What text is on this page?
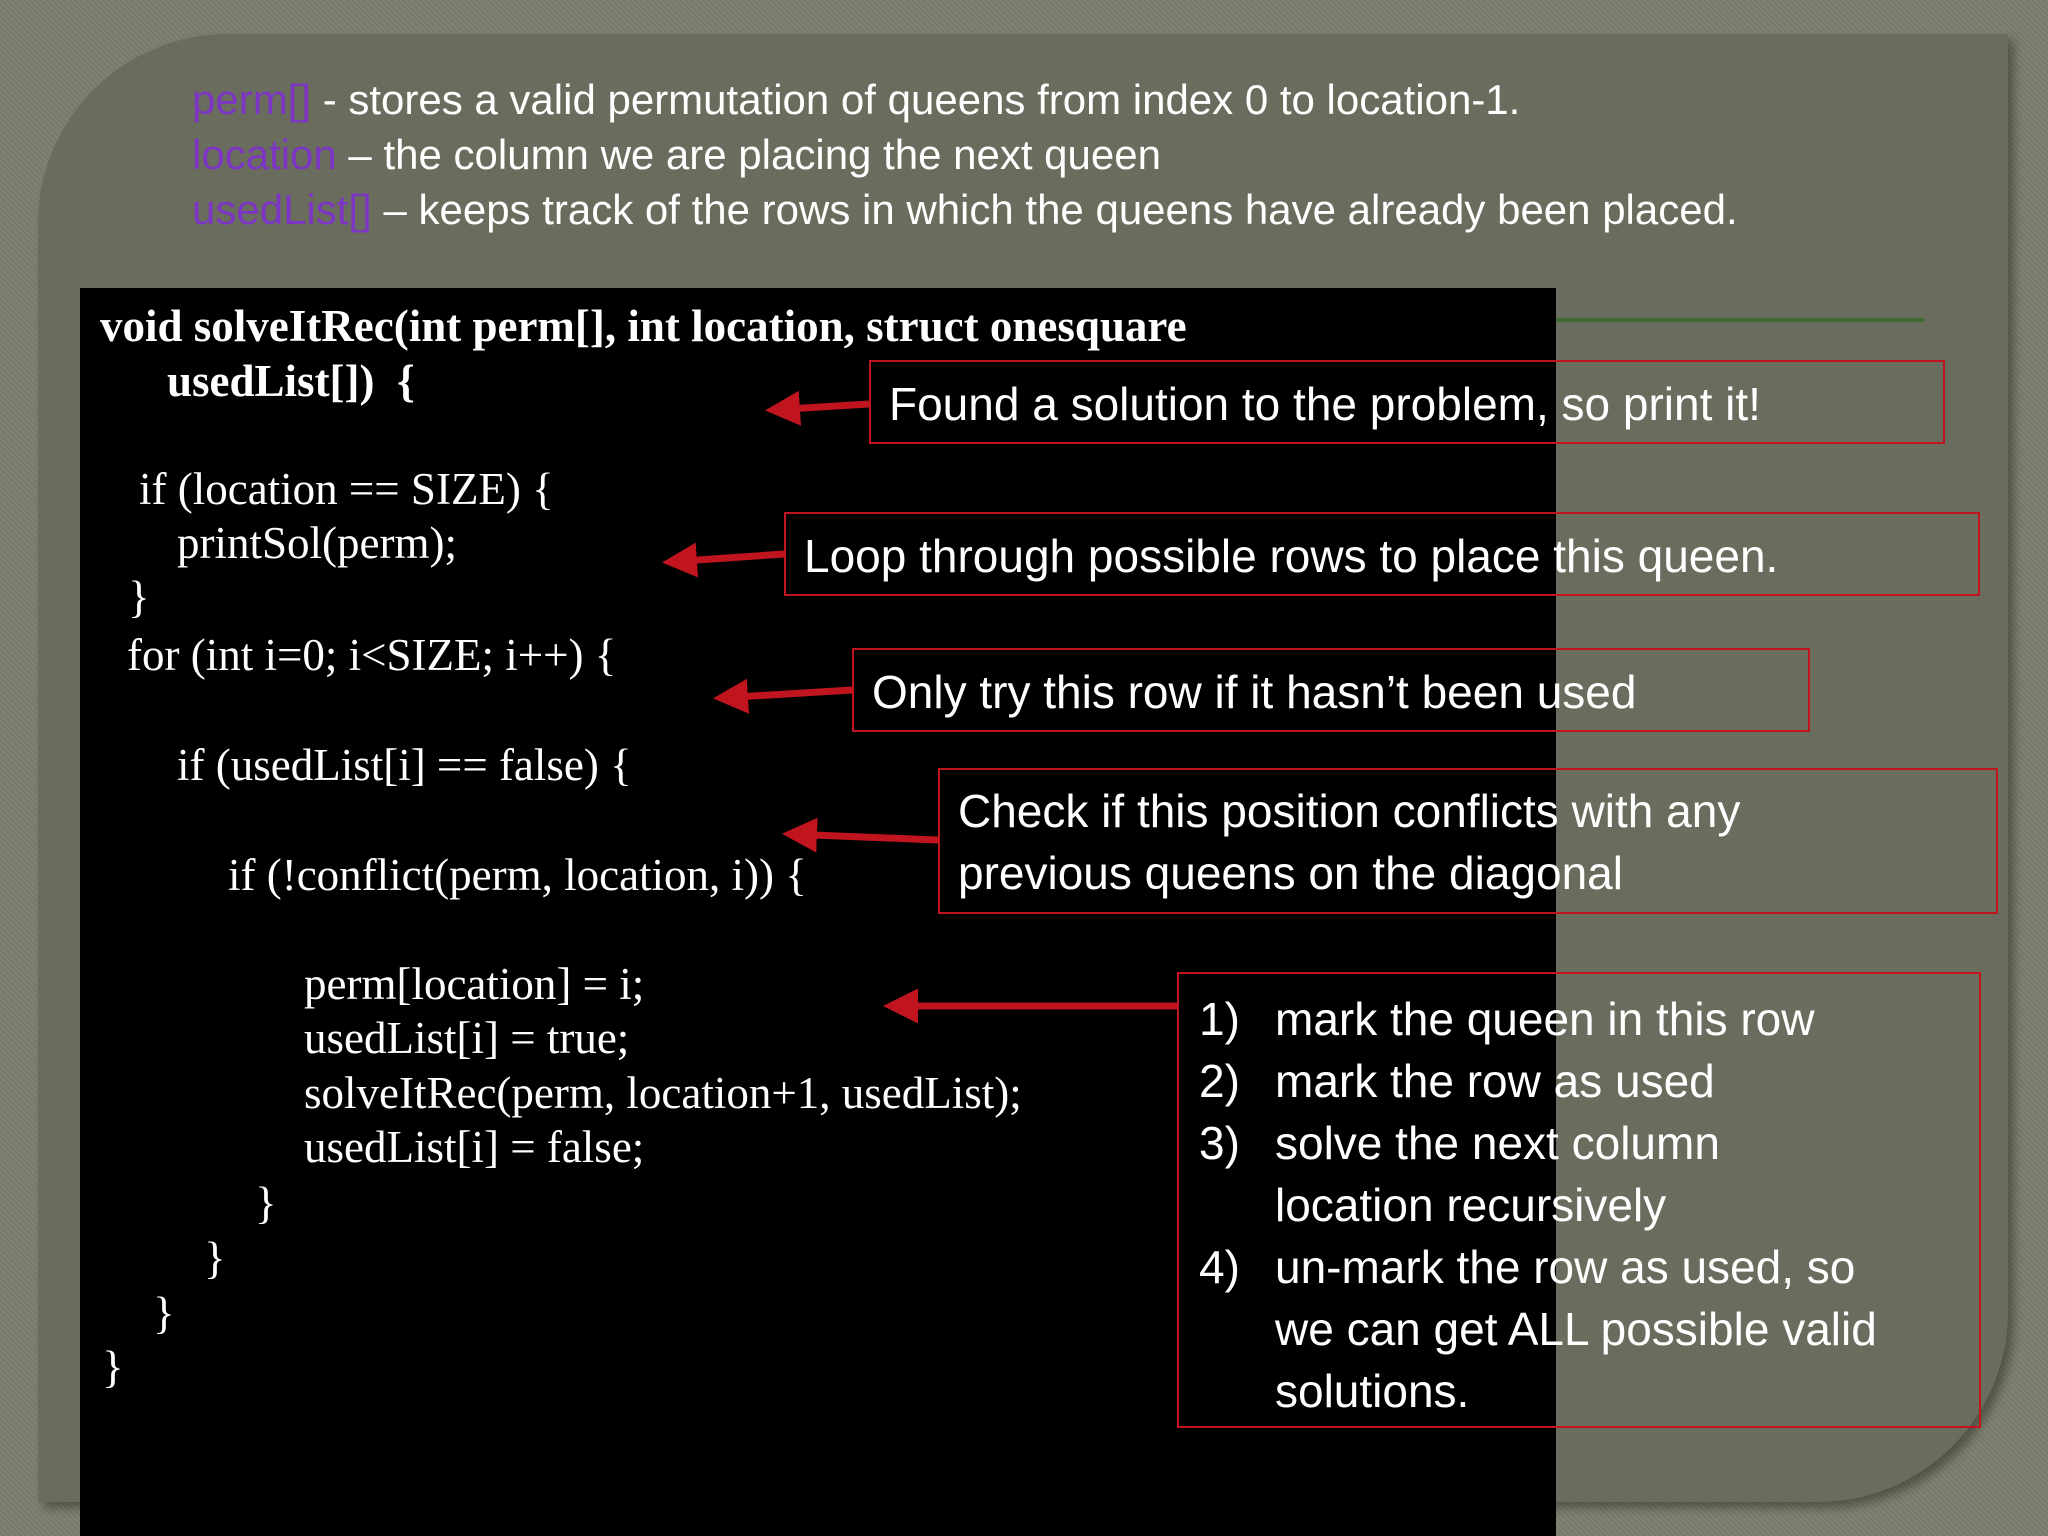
perm[] - stores a valid permutation of queens from index 0 to location-1.
location – the column we are placing the next queen
usedList[] – keeps track of the rows in which the queens have already been placed.
void solveItRec(int perm[], int location, struct onesquare
usedList[])  {
if (location == SIZE) {
printSol(perm);
}
for (int i=0; i<SIZE; i++) {
if (usedList[i] == false) {
if (!conflict(perm, location, i)) {
perm[location] = i;
usedList[i] = true;
solveItRec(perm, location+1, usedList);
usedList[i] = false;
}
}
}
}
Found a solution to the problem, so print it!
Loop through possible rows to place this queen.
Only try this row if it hasn’t been used
Check if this position conflicts with any
previous queens on the diagonal
1) mark the queen in this row
2) mark the row as used
3) solve the next column
location recursively
4) un-mark the row as used, so
we can get ALL possible valid
solutions.
